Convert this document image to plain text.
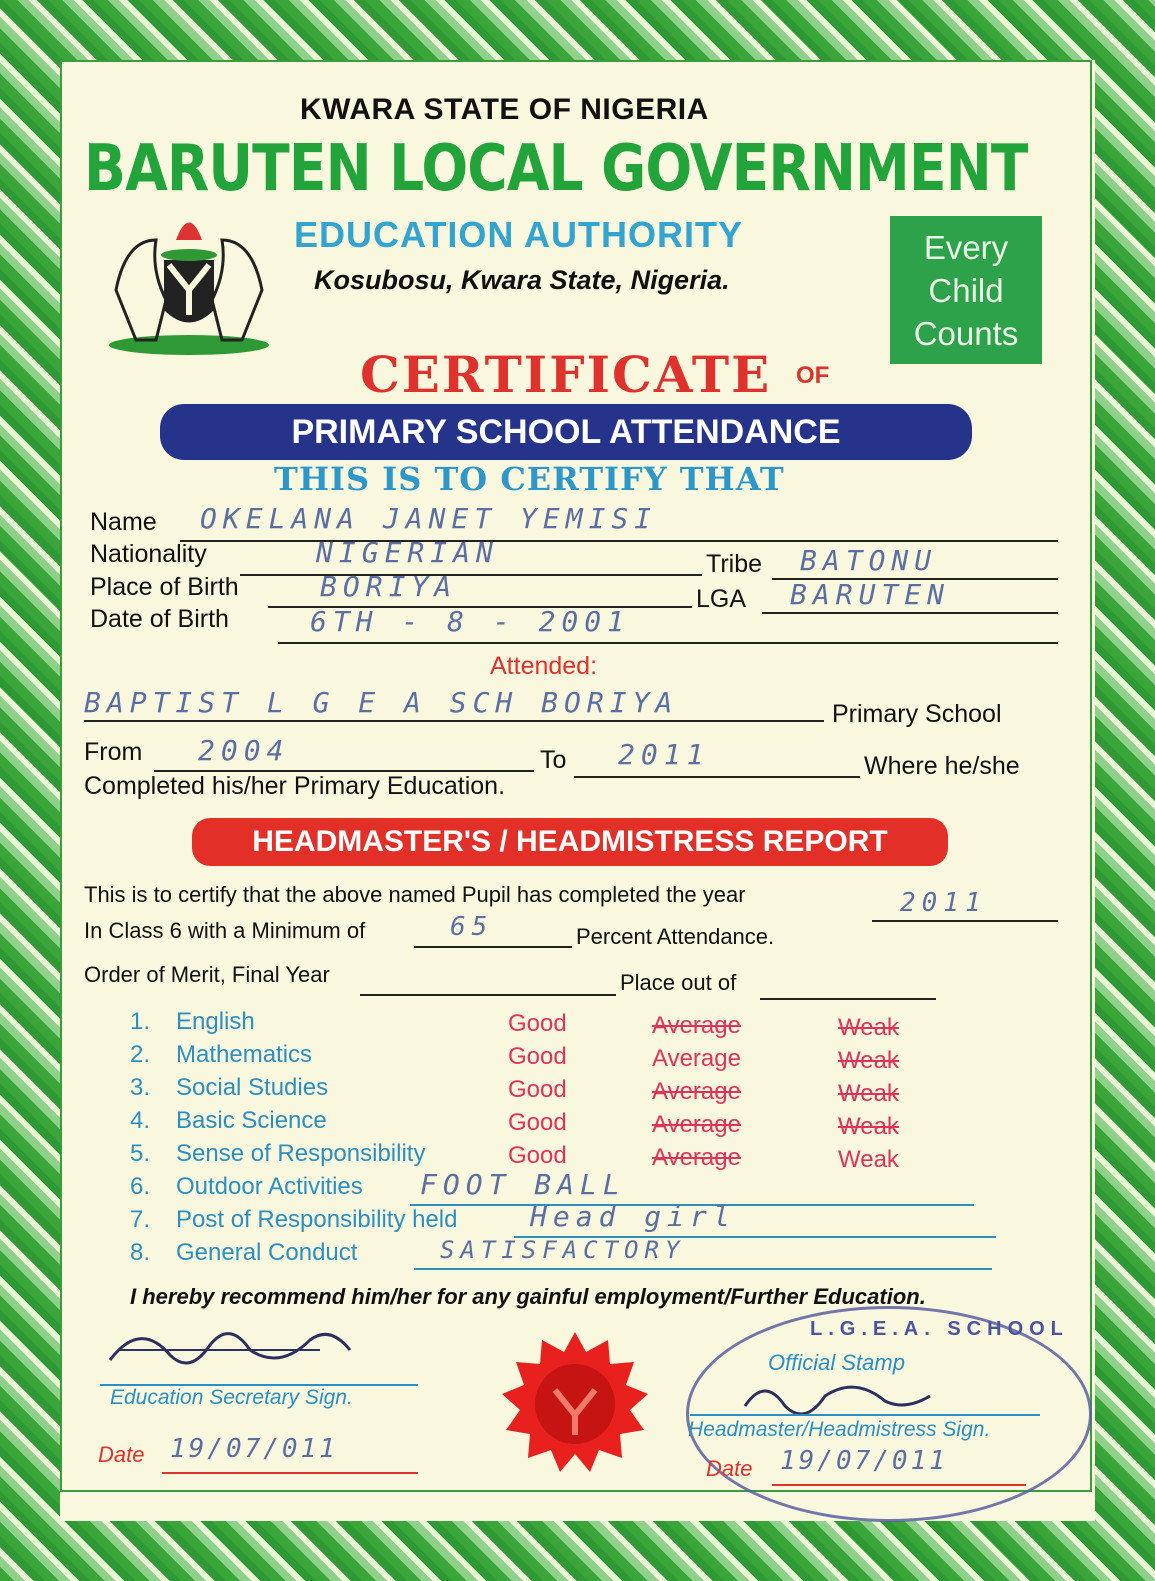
KWARA STATE OF NIGERIA
BARUTEN LOCAL GOVERNMENT
EDUCATION AUTHORITY
Kosubosu, Kwara State, Nigeria.
Every
Child
Counts
CERTIFICATE OF
PRIMARY SCHOOL ATTENDANCE
THIS IS TO CERTIFY THAT
Name OKELANA JANET YEMISI
Nationality	NIGERIAN	Tribe BATONU
Place of Birth	BORIYA	LGA BARUTEN
Date of Birth	6TH - 8 - 2001
Attended:
BAPTIST L G E A SCH BORIYA	Primary School
From 2004	To 2011	Where he/she
Completed his/her Primary Education.
HEADMASTER'S / HEADMISTRESS REPORT
This is to certify that the above named Pupil has completed the year	2011
In Class 6 with a Minimum of	65	Percent Attendance.
Order of Merit, Final Year	Place out of
1. English	Good	Average	Weak
2. Mathematics	Good	Average	Weak
3. Social Studies	Good	Average	Weak
4. Basic Science	Good	Average	Weak
5. Sense of Responsibility	Good	Average	Weak
6. Outdoor Activities FOOT BALL
7. Post of Responsibility held	Head girl
8. General Conduct	SATISFACTORY
I hereby recommend him/her for any gainful employment/Further Education.
Education Secretary Sign.
Date 19/07/011
L.G.E.A. SCHOOL
Official Stamp
Headmaster/Headmistress Sign.
Date 19/07/011
